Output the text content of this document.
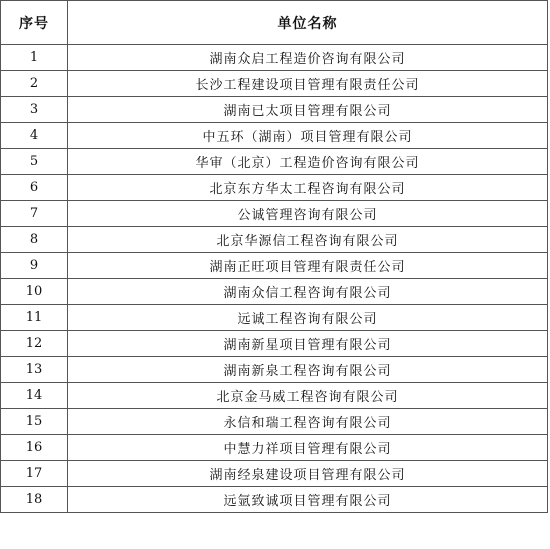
序号	单位名称
1	湖南众启工程造价咨询有限公司
2	长沙工程建设项目管理有限责任公司
3	湖南已太项目管理有限公司
4	中五环（湖南）项目管理有限公司
5	华审（北京）工程造价咨询有限公司
6	北京东方华太工程咨询有限公司
7	公诚管理咨询有限公司
8	北京华源信工程咨询有限公司
9	湖南正旺项目管理有限责任公司
10	湖南众信工程咨询有限公司
11	远诚工程咨询有限公司
12	湖南新星项目管理有限公司
13	湖南新泉工程咨询有限公司
14	北京金马威工程咨询有限公司
15	永信和瑞工程咨询有限公司
16	中慧力祥项目管理有限公司
17	湖南经泉建设项目管理有限公司
18	远氩致诚项目管理有限公司
